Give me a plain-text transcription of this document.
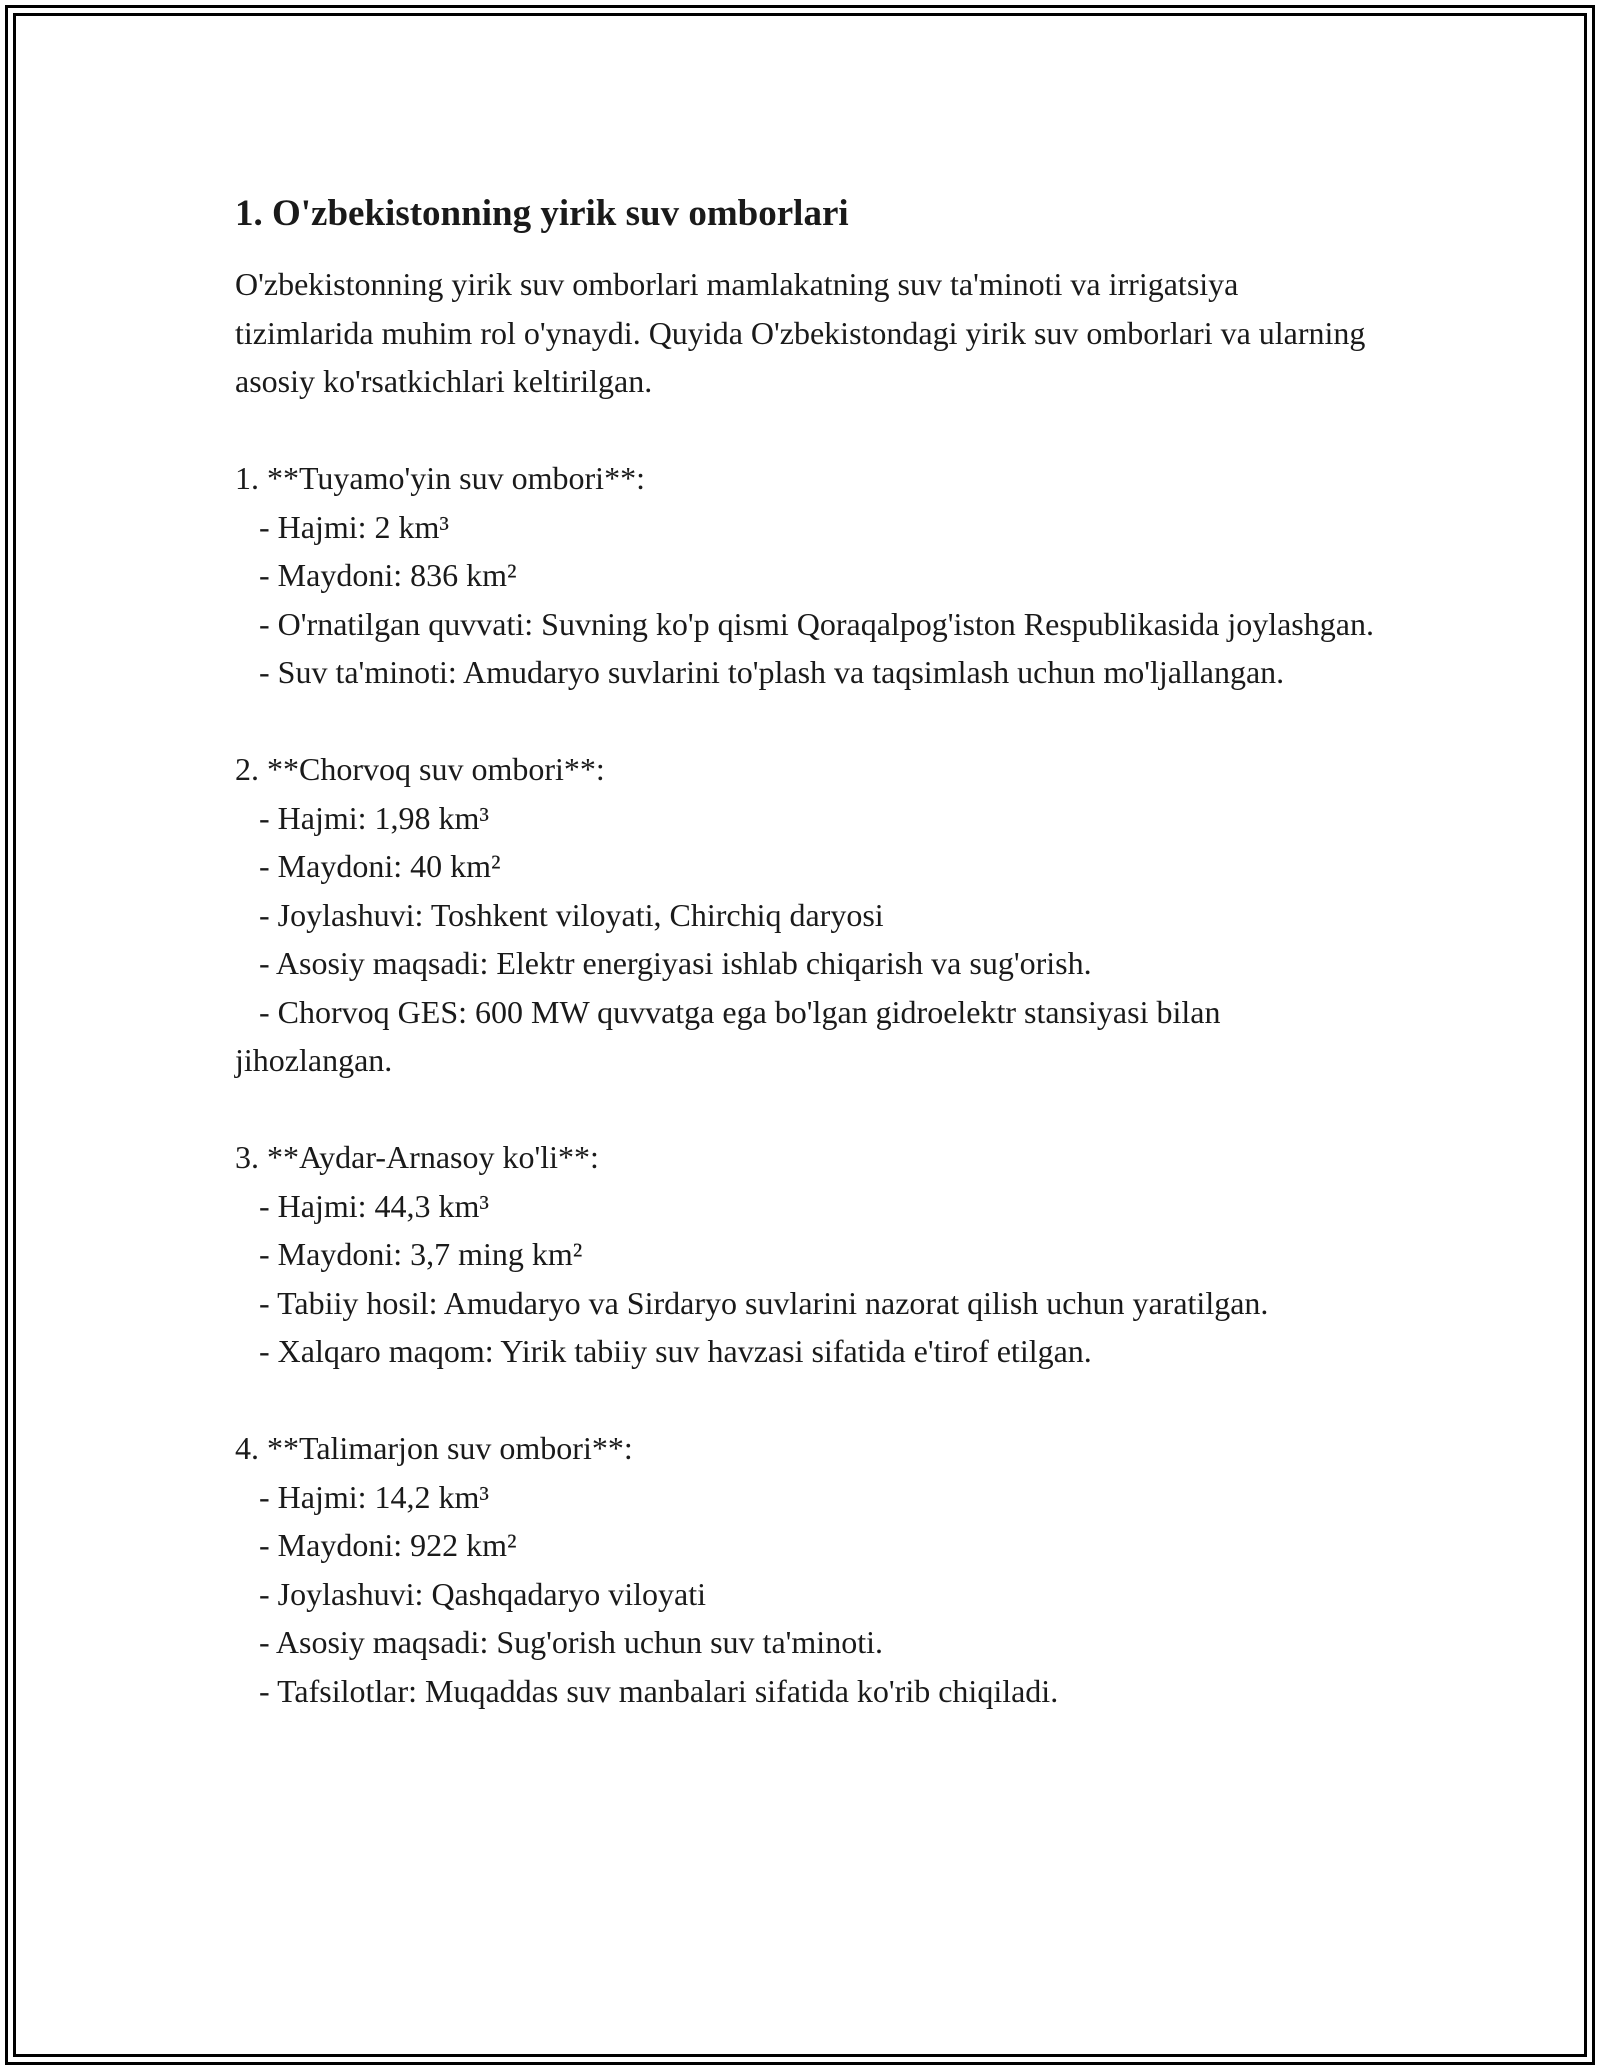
1. O'zbekistonning yirik suv omborlari

O'zbekistonning yirik suv omborlari mamlakatning suv ta'minoti va irrigatsiya tizimlarida muhim rol o'ynaydi. Quyida O'zbekistondagi yirik suv omborlari va ularning asosiy ko'rsatkichlari keltirilgan.

1. **Tuyamo'yin suv ombori**:

- Hajmi: 2 km³

- Maydoni: 836 km²

- O'rnatilgan quvvati: Suvning ko'p qismi Qoraqalpog'iston Respublikasida joylashgan.

- Suv ta'minoti: Amudaryo suvlarini to'plash va taqsimlash uchun mo'ljallangan.

2. **Chorvoq suv ombori**:

- Hajmi: 1,98 km³

- Maydoni: 40 km²

- Joylashuvi: Toshkent viloyati, Chirchiq daryosi

- Asosiy maqsadi: Elektr energiyasi ishlab chiqarish va sug'orish.

- Chorvoq GES: 600 MW quvvatga ega bo'lgan gidroelektr stansiyasi bilan jihozlangan.

3. **Aydar-Arnasoy ko'li**:

- Hajmi: 44,3 km³

- Maydoni: 3,7 ming km²

- Tabiiy hosil: Amudaryo va Sirdaryo suvlarini nazorat qilish uchun yaratilgan.

- Xalqaro maqom: Yirik tabiiy suv havzasi sifatida e'tirof etilgan.

4. **Talimarjon suv ombori**:

- Hajmi: 14,2 km³

- Maydoni: 922 km²

- Joylashuvi: Qashqadaryo viloyati

- Asosiy maqsadi: Sug'orish uchun suv ta'minoti.

- Tafsilotlar: Muqaddas suv manbalari sifatida ko'rib chiqiladi.
